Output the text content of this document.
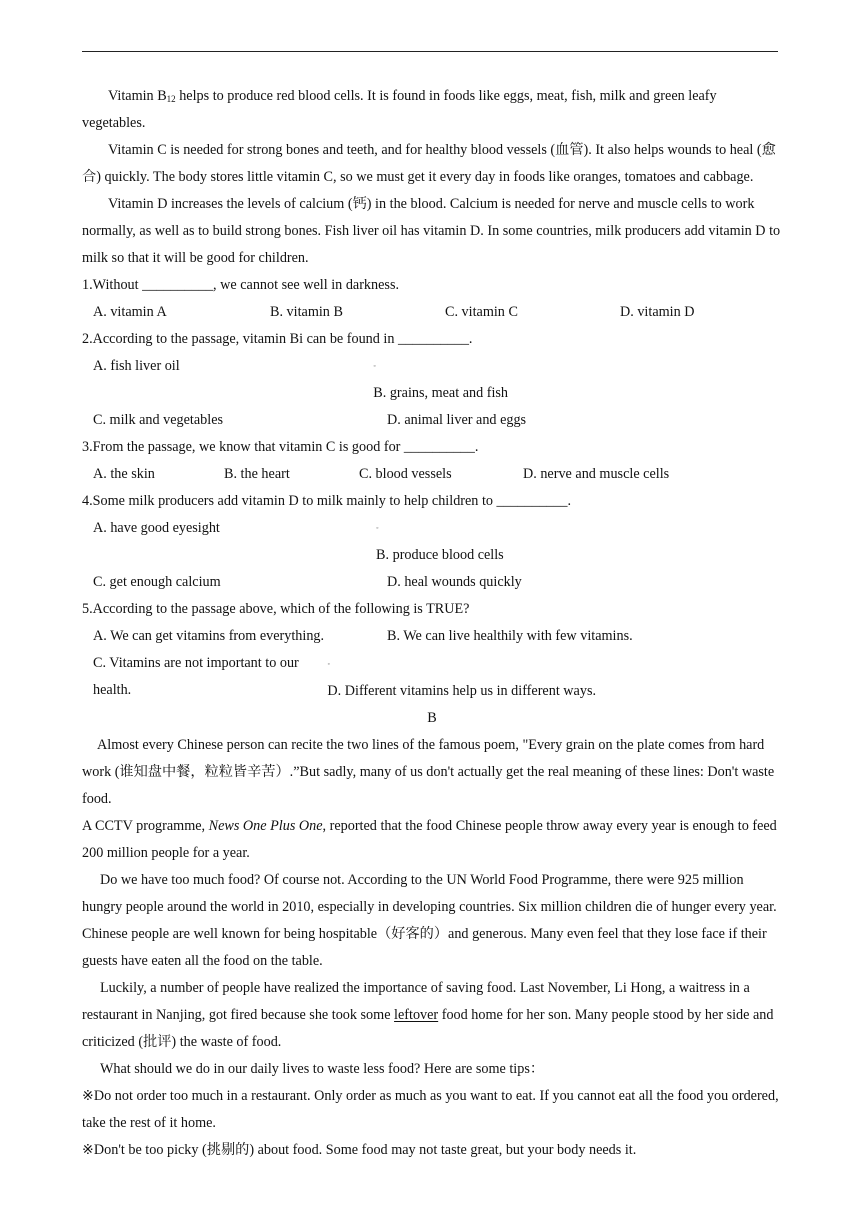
Vitamin $B_{12}$ helps to produce red blood cells. It is found in foods like eggs, meat, fish, milk and green leafy vegetables.

Vitamin C is needed for strong bones and teeth, and for healthy blood vessels (血管). It also helps wounds to heal (愈合) quickly. The body stores little vitamin C, so we must get it every day in foods like oranges, tomatoes and cabbage.

Vitamin D increases the levels of calcium (钙) in the blood. Calcium is needed for nerve and muscle cells to work normally, as well as to build strong bones. Fish liver oil has vitamin D. In some countries, milk producers add vitamin D to milk so that it will be good for children.

1.Without __________, we cannot see well in darkness.

A. vitamin A	B. vitamin B	C. vitamin C	D. vitamin D

2.According to the passage, vitamin Bi can be found in __________.

A. fish liver oil	◦B. grains, meat and fish
C. milk and vegetables	D. animal liver and eggs

3.From the passage, we know that vitamin C is good for __________.

A. the skin	B. the heart	C. blood vessels	D. nerve and muscle cells

4.Some milk producers add vitamin D to milk mainly to help children to __________.

A. have good eyesight	◦B. produce blood cells
C. get enough calcium	D. heal wounds quickly

5.According to the passage above, which of the following is TRUE?

A. We can get vitamins from everything.	B. We can live healthily with few vitamins.
C. Vitamins are not important to our health.
◦D. Different vitamins help us in different ways.

B

Almost every Chinese person can recite the two lines of the famous poem, "Every grain on the plate comes from hard work (谁知盘中餐，粒粒皆辛苦）.”But sadly, many of us don't actually get the real meaning of these lines: Don't waste food.

A CCTV programme, News One Plus One, reported that the food Chinese people throw away every year is enough to feed 200 million people for a year.

Do we have too much food? Of course not. According to the UN World Food Programme, there were 925 million hungry people around the world in 2010, especially in developing countries. Six million children die of hunger every year.

Chinese people are well known for being hospitable（好客的）and generous. Many even feel that they lose face if their guests have eaten all the food on the table.

Luckily, a number of people have realized the importance of saving food. Last November, Li Hong, a waitress in a restaurant in Nanjing, got fired because she took some leftover food home for her son. Many people stood by her side and criticized (批评) the waste of food.

What should we do in our daily lives to waste less food? Here are some tips：

※Do not order too much in a restaurant. Only order as much as you want to eat. If you cannot eat all the food you ordered, take the rest of it home.

※Don't be too picky (挑剔的) about food. Some food may not taste great, but your body needs it.
